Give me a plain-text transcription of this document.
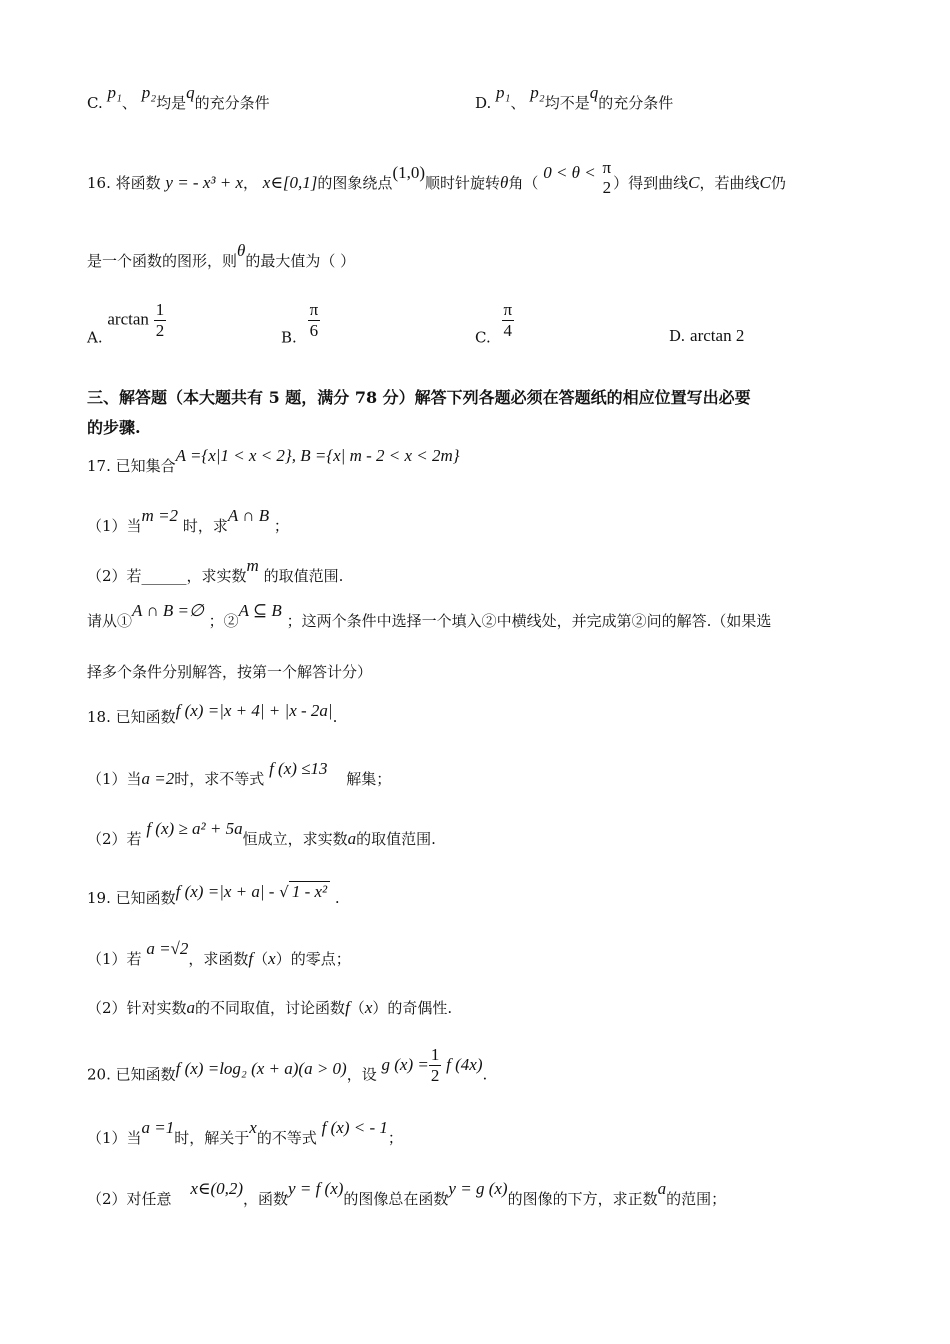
C. p₁、 p₂均是q的充分条件	D. p₁、 p₂均不是q的充分条件
16. 将函数 y = - x³ + x， x∈[0,1]的图象绕点(1,0)顺时针旋转θ角（ 0 < θ < π
2 ）得到曲线C，若曲线C仍
是一个函数的图形，则θ的最大值为（ ）
A. $\arctan \frac{1}{2}$	B. $\frac{\pi}{6}$	C. $\frac{\pi}{4}$	D. arctan 2
三、解答题（本大题共有 5 题，满分 78 分）解答下列各题必须在答题纸的相应位置写出必要
的步骤.
17. 已知集合A ={x|1 < x < 2}, B ={x| m - 2 < x < 2m}
（1）当m =2 时，求A ∩ B ；
（2）若______，求实数m 的取值范围.
请从①A ∩ B =∅ ；②A ⊆ B ；这两个条件中选择一个填入②中横线处，并完成第②问的解答.（如果选
择多个条件分别解答，按第一个解答计分）
18. 已知函数f (x) =|x + 4| + |x - 2a|.
（1）当a =2时，求不等式 f (x) ≤13 解集；
（2）若 f (x) ≥ a² + 5a恒成立，求实数a的取值范围.
19. 已知函数f (x) =|x + a| - √ 1 - x² .
（1）若 a =√2，求函数f（x）的零点；
（2）针对实数a的不同取值，讨论函数f（x）的奇偶性.
20. 已知函数f (x) =log₂ (x + a)(a > 0)，设 g $(x) = \frac{1}{2}$ f (4x).
（1）当a =1时，解关于x的不等式 f (x) < - 1；
（2）对任意 x∈(0,2)，函数y = f (x)的图像总在函数y = g (x)的图像的下方，求正数a的范围；
